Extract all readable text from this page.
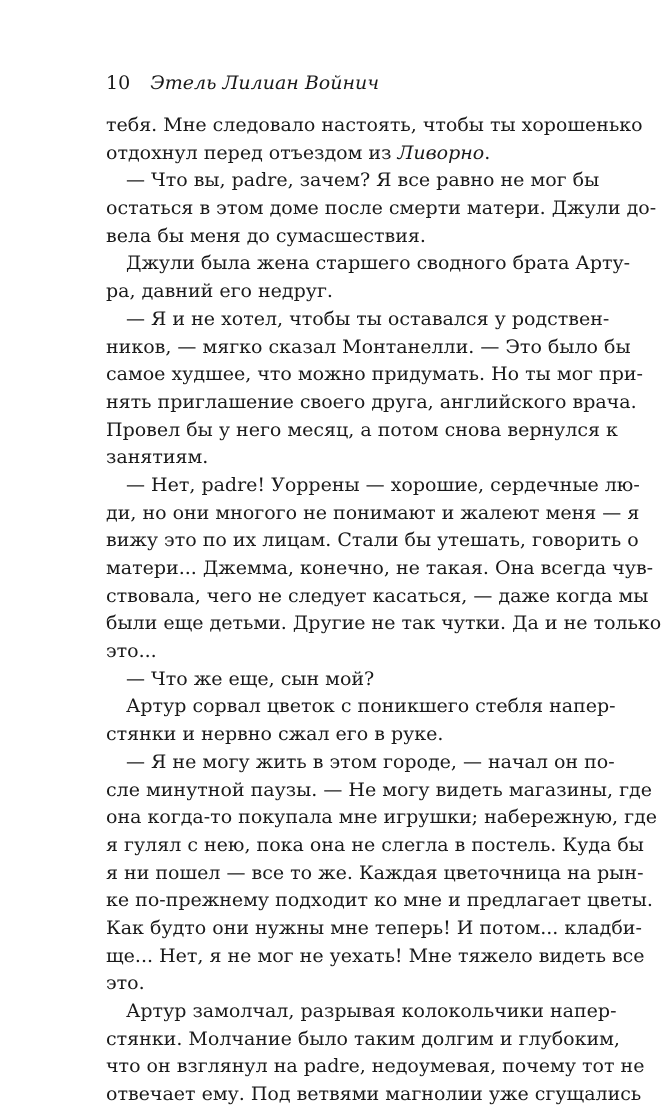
10 Этель Лилиан Войнич
тебя. Мне следовало настоять, чтобы ты хорошенько
отдохнул перед отъездом из Ливорно.
— Что вы, padre, зачем? Я все равно не мог бы
остаться в этом доме после смерти матери. Джули до-
вела бы меня до сумасшествия.
Джули была жена старшего сводного брата Арту-
ра, давний его недруг.
— Я и не хотел, чтобы ты оставался у родствен-
ников, — мягко сказал Монтанелли. — Это было бы
самое худшее, что можно придумать. Но ты мог при-
нять приглашение своего друга, английского врача.
Провел бы у него месяц, а потом снова вернулся к
занятиям.
— Нет, padre! Уоррены — хорошие, сердечные лю-
ди, но они многого не понимают и жалеют меня — я
вижу это по их лицам. Стали бы утешать, говорить о
матери... Джемма, конечно, не такая. Она всегда чув-
ствовала, чего не следует касаться, — даже когда мы
были еще детьми. Другие не так чутки. Да и не только
это...
— Что же еще, сын мой?
Артур сорвал цветок с поникшего стебля напер-
стянки и нервно сжал его в руке.
— Я не могу жить в этом городе, — начал он по-
сле минутной паузы. — Не могу видеть магазины, где
она когда-то покупала мне игрушки; набережную, где
я гулял с нею, пока она не слегла в постель. Куда бы
я ни пошел — все то же. Каждая цветочница на рын-
ке по-прежнему подходит ко мне и предлагает цветы.
Как будто они нужны мне теперь! И потом... кладби-
ще... Нет, я не мог не уехать! Мне тяжело видеть все
это.
Артур замолчал, разрывая колокольчики напер-
стянки. Молчание было таким долгим и глубоким,
что он взглянул на padre, недоумевая, почему тот не
отвечает ему. Под ветвями магнолии уже сгущались
